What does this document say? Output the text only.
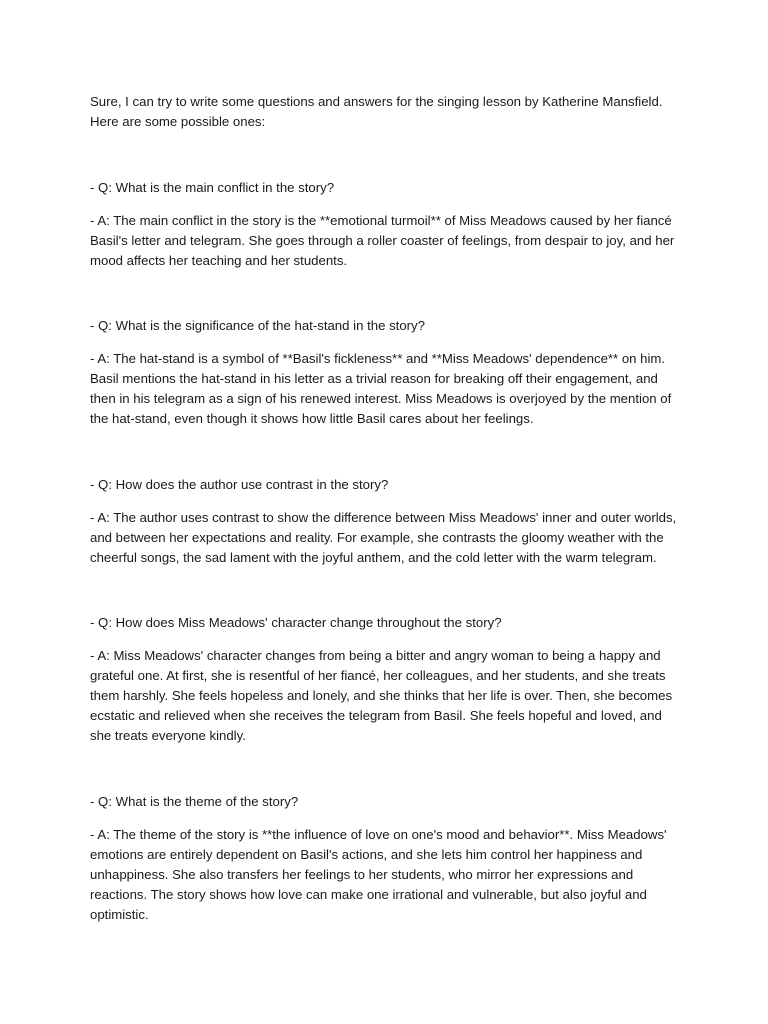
Sure, I can try to write some questions and answers for the singing lesson by Katherine Mansfield. Here are some possible ones:

- Q: What is the main conflict in the story?

- A: The main conflict in the story is the **emotional turmoil** of Miss Meadows caused by her fiancé Basil's letter and telegram. She goes through a roller coaster of feelings, from despair to joy, and her mood affects her teaching and her students.

- Q: What is the significance of the hat-stand in the story?

- A: The hat-stand is a symbol of **Basil's fickleness** and **Miss Meadows' dependence** on him. Basil mentions the hat-stand in his letter as a trivial reason for breaking off their engagement, and then in his telegram as a sign of his renewed interest. Miss Meadows is overjoyed by the mention of the hat-stand, even though it shows how little Basil cares about her feelings.

- Q: How does the author use contrast in the story?

- A: The author uses contrast to show the difference between Miss Meadows' inner and outer worlds, and between her expectations and reality. For example, she contrasts the gloomy weather with the cheerful songs, the sad lament with the joyful anthem, and the cold letter with the warm telegram.

- Q: How does Miss Meadows' character change throughout the story?

- A: Miss Meadows' character changes from being a bitter and angry woman to being a happy and grateful one. At first, she is resentful of her fiancé, her colleagues, and her students, and she treats them harshly. She feels hopeless and lonely, and she thinks that her life is over. Then, she becomes ecstatic and relieved when she receives the telegram from Basil. She feels hopeful and loved, and she treats everyone kindly.

- Q: What is the theme of the story?

- A: The theme of the story is **the influence of love on one's mood and behavior**. Miss Meadows' emotions are entirely dependent on Basil's actions, and she lets him control her happiness and unhappiness. She also transfers her feelings to her students, who mirror her expressions and reactions. The story shows how love can make one irrational and vulnerable, but also joyful and optimistic.
